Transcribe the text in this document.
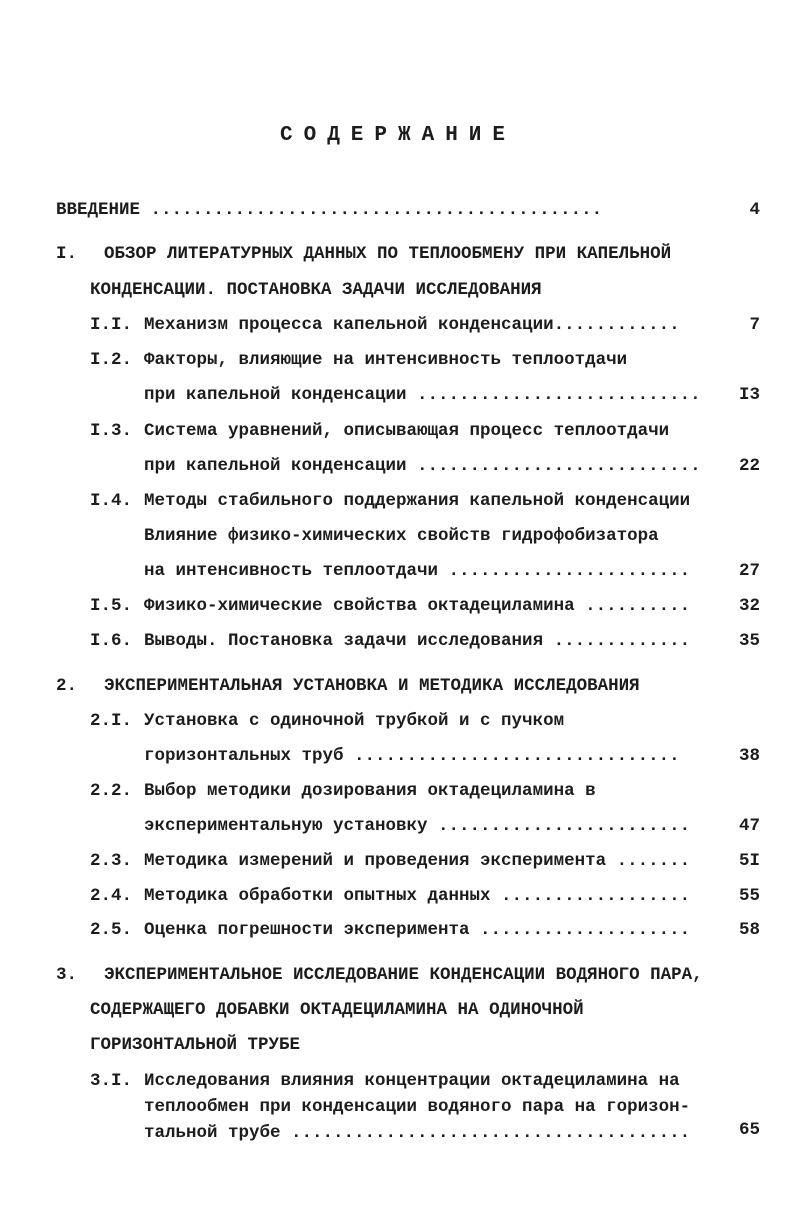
СОДЕРЖАНИЕ
ВВЕДЕНИЕ ...........................................	4
I. ОБЗОР ЛИТЕРАТУРНЫХ ДАННЫХ ПО ТЕПЛООБМЕНУ ПРИ КАПЕЛЬНОЙ
КОНДЕНСАЦИИ. ПОСТАНОВКА ЗАДАЧИ ИССЛЕДОВАНИЯ
I.I. Механизм процесса капельной конденсации............	7
I.2. Факторы, влияющие на интенсивность теплоотдачи
при капельной конденсации ........................... I3
I.3. Система уравнений, описывающая процесс теплоотдачи
при капельной конденсации ........................... 22
I.4. Методы стабильного поддержания капельной конденсации
Влияние физико-химических свойств гидрофобизатора
на интенсивность теплоотдачи .......................	27
I.5. Физико-химические свойства октадециламина ..........	32
I.6. Выводы. Постановка задачи исследования .............	35
2. ЭКСПЕРИМЕНТАЛЬНАЯ УСТАНОВКА И МЕТОДИКА ИССЛЕДОВАНИЯ
2.I. Установка с одиночной трубкой и с пучком
горизонтальных труб ...............................	38
2.2. Выбор методики дозирования октадециламина в
экспериментальную установку ........................	47
2.3. Методика измерений и проведения эксперимента .......	5I
2.4. Методика обработки опытных данных ..................	55
2.5. Оценка погрешности эксперимента ....................	58
3. ЭКСПЕРИМЕНТАЛЬНОЕ ИССЛЕДОВАНИЕ КОНДЕНСАЦИИ ВОДЯНОГО ПАРА,
СОДЕРЖАЩЕГО ДОБАВКИ ОКТАДЕЦИЛАМИНА НА ОДИНОЧНОЙ
ГОРИЗОНТАЛЬНОЙ ТРУБЕ
3.I. Исследования влияния концентрации октадециламина на
теплообмен при конденсации водяного пара на горизон-
тальной трубе ......................................	65
